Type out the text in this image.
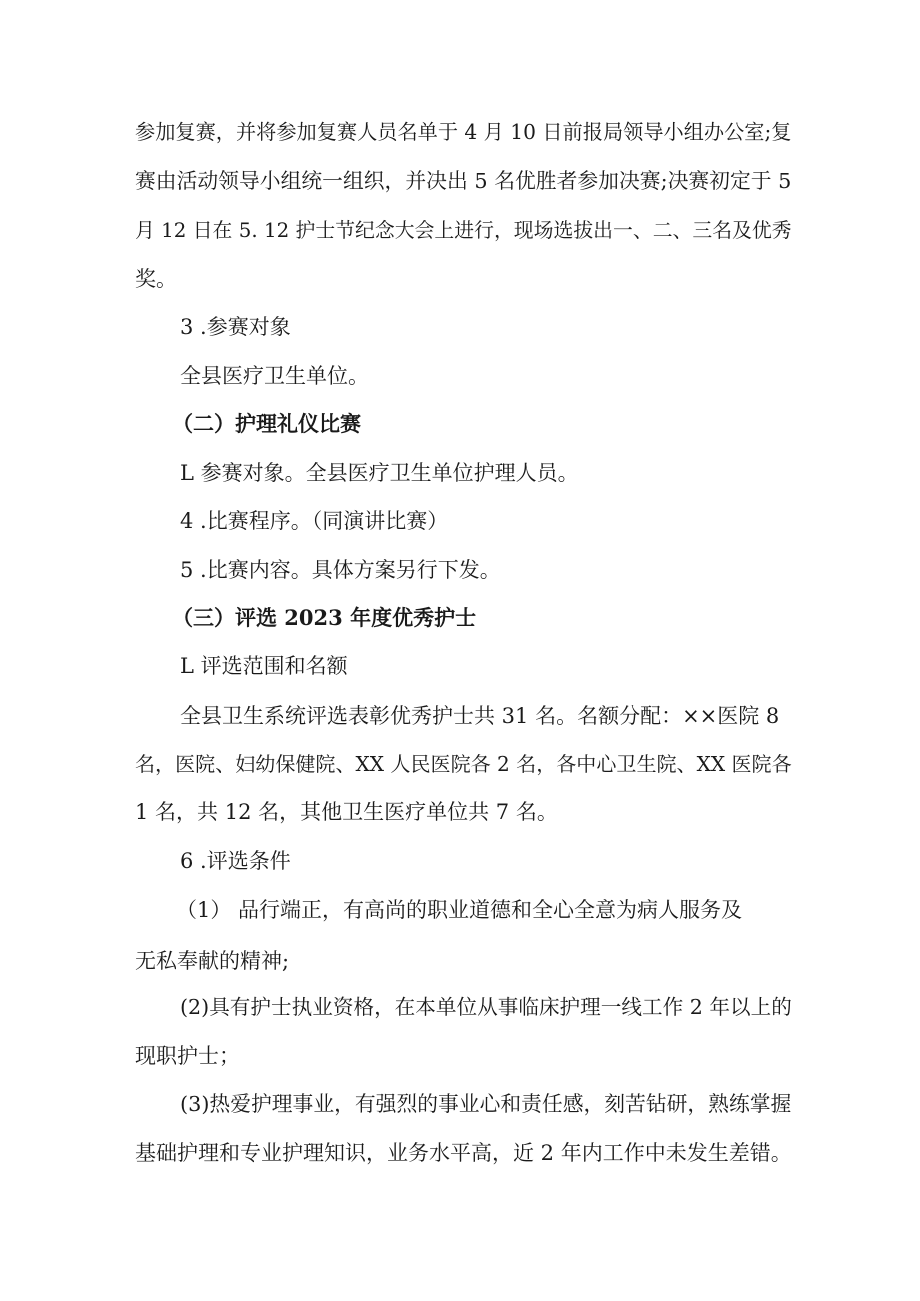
参加复赛，并将参加复赛人员名单于 4 月 10 日前报局领导小组办公室;复
赛由活动领导小组统一组织，并决出 5 名优胜者参加决赛;决赛初定于 5
月 12 日在 5. 12 护士节纪念大会上进行，现场选拔出一、二、三名及优秀
奖。
3 .参赛对象
全县医疗卫生单位。
（二）护理礼仪比赛
L 参赛对象。全县医疗卫生单位护理人员。
4 .比赛程序。（同演讲比赛）
5 .比赛内容。具体方案另行下发。
（三）评选 2023 年度优秀护士
L 评选范围和名额
全县卫生系统评选表彰优秀护士共 31 名。名额分配：××医院 8
名，医院、妇幼保健院、XX 人民医院各 2 名，各中心卫生院、XX 医院各
1 名，共 12 名，其他卫生医疗单位共 7 名。
6 .评选条件
（1） 品行端正，有高尚的职业道德和全心全意为病人服务及
无私奉献的精神;
(2)具有护士执业资格，在本单位从事临床护理一线工作 2 年以上的
现职护士；
(3)热爱护理事业，有强烈的事业心和责任感，刻苦钻研，熟练掌握
基础护理和专业护理知识，业务水平高，近 2 年内工作中未发生差错。
